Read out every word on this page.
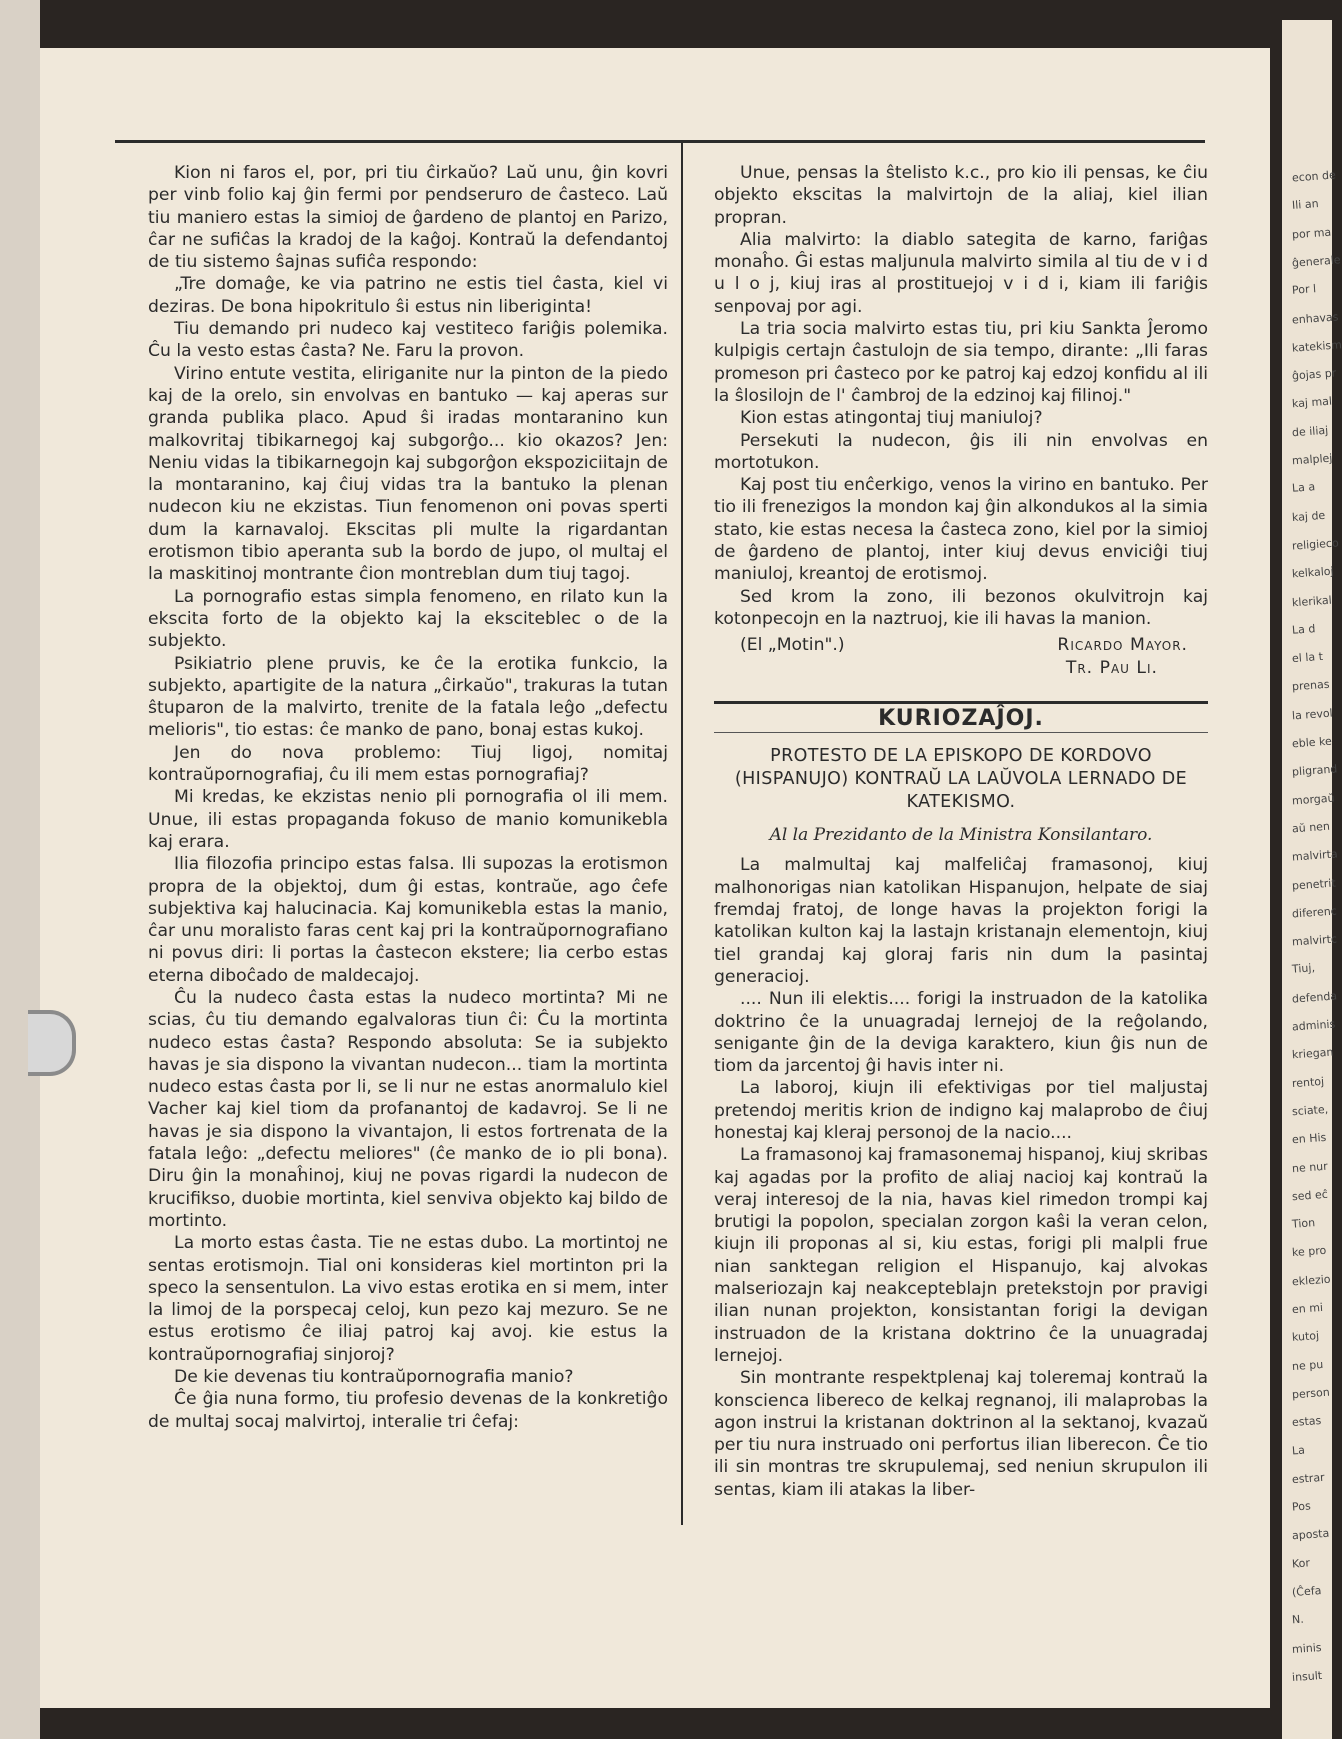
econ de
Ili an
por ma
ĝenerale
Por l
enhavas
katekism
ĝojas pr
kaj mal
de iliaj
malplej
La a
kaj de
religieco
kelkaloj
klerikal
La d
el la t
prenas
la revol
eble ke
pligrand
morgaŭ
aŭ nen
malvirta
penetrit
diferenc
malvirtc
Tiuj,
defenda
adminis
kriegan
rentoj
sciate,
en His
ne nur
sed eĉ
Tion
ke pro
eklezio
en mi
kutoj
ne pu
person
estas
La
estrar
Pos
aposta
Kor
(Ĉefa
N.
minis
insult

Kion ni faros el, por, pri tiu ĉirkaŭo? Laŭ unu, ĝin kovri per vinb folio kaj ĝin fermi por pendseruro de ĉasteco. Laŭ tiu maniero estas la simioj de ĝardeno de plantoj en Parizo, ĉar ne sufiĉas la kradoj de la kaĝoj. Kontraŭ la defendantoj de tiu sistemo ŝajnas sufiĉa respondo:

„Tre domaĝe, ke via patrino ne estis tiel ĉasta, kiel vi deziras. De bona hipokritulo ŝi estus nin liberiginta!

Tiu demando pri nudeco kaj vestiteco fariĝis polemika. Ĉu la vesto estas ĉasta? Ne. Faru la provon.

Virino entute vestita, eliriganite nur la pinton de la piedo kaj de la orelo, sin envolvas en bantuko — kaj aperas sur granda publika placo. Apud ŝi iradas montaranino kun malkovritaj tibikarnegoj kaj subgorĝo... kio okazos? Jen: Neniu vidas la tibikarnegojn kaj subgorĝon ekspoziciitajn de la montaranino, kaj ĉiuj vidas tra la bantuko la plenan nudecon kiu ne ekzistas. Tiun fenomenon oni povas sperti dum la karnavaloj. Ekscitas pli multe la rigardantan erotismon tibio aperanta sub la bordo de jupo, ol multaj el la maskitinoj montrante ĉion montreblan dum tiuj tagoj.

La pornografio estas simpla fenomeno, en rilato kun la ekscita forto de la objekto kaj la eksciteblec o de la subjekto.

Psikiatrio plene pruvis, ke ĉe la erotika funkcio, la subjekto, apartigite de la natura „ĉirkaŭo", trakuras la tutan ŝtuparon de la malvirto, trenite de la fatala leĝo „defectu melioris", tio estas: ĉe manko de pano, bonaj estas kukoj.

Jen do nova problemo: Tiuj ligoj, nomitaj kontraŭpornografiaj, ĉu ili mem estas pornografiaj?

Mi kredas, ke ekzistas nenio pli pornografia ol ili mem. Unue, ili estas propaganda fokuso de manio komunikebla kaj erara.

Ilia filozofia principo estas falsa. Ili supozas la erotismon propra de la objektoj, dum ĝi estas, kontraŭe, ago ĉefe subjektiva kaj halucinacia. Kaj komunikebla estas la manio, ĉar unu moralisto faras cent kaj pri la kontraŭpornografiano ni povus diri: li portas la ĉastecon ekstere; lia cerbo estas eterna diboĉado de maldecajoj.

Ĉu la nudeco ĉasta estas la nudeco mortinta? Mi ne scias, ĉu tiu demando egalvaloras tiun ĉi: Ĉu la mortinta nudeco estas ĉasta? Respondo absoluta: Se ia subjekto havas je sia dispono la vivantan nudecon... tiam la mortinta nudeco estas ĉasta por li, se li nur ne estas anormalulo kiel Vacher kaj kiel tiom da profanantoj de kadavroj. Se li ne havas je sia dispono la vivantajon, li estos fortrenata de la fatala leĝo: „defectu meliores" (ĉe manko de io pli bona). Diru ĝin la monaĥinoj, kiuj ne povas rigardi la nudecon de krucifikso, duobie mortinta, kiel senviva objekto kaj bildo de mortinto.

La morto estas ĉasta. Tie ne estas dubo. La mortintoj ne sentas erotismojn. Tial oni konsideras kiel mortinton pri la speco la sensentulon. La vivo estas erotika en si mem, inter la limoj de la porspecaj celoj, kun pezo kaj mezuro. Se ne estus erotismo ĉe iliaj patroj kaj avoj. kie estus la kontraŭpornografiaj sinjoroj?

De kie devenas tiu kontraŭpornografia manio?

Ĉe ĝia nuna formo, tiu profesio devenas de la konkretiĝo de multaj socaj malvirtoj, interalie tri ĉefaj:

Unue, pensas la ŝtelisto k.c., pro kio ili pensas, ke ĉiu objekto ekscitas la malvirtojn de la aliaj, kiel ilian propran.

Alia malvirto: la diablo sategita de karno, fariĝas monaĥo. Ĝi estas maljunula malvirto simila al tiu de v i d u l o j, kiuj iras al prostituejoj v i d i, kiam ili fariĝis senpovaj por agi.

La tria socia malvirto estas tiu, pri kiu Sankta Ĵeromo kulpigis certajn ĉastulojn de sia tempo, dirante: „Ili faras promeson pri ĉasteco por ke patroj kaj edzoj konfidu al ili la ŝlosilojn de l' ĉambroj de la edzinoj kaj filinoj."

Kion estas atingontaj tiuj maniuloj?

Persekuti la nudecon, ĝis ili nin envolvas en mortotukon.

Kaj post tiu enĉerkigo, venos la virino en bantuko. Per tio ili frenezigos la mondon kaj ĝin alkondukos al la simia stato, kie estas necesa la ĉasteca zono, kiel por la simioj de ĝardeno de plantoj, inter kiuj devus enviciĝi tiuj maniuloj, kreantoj de erotismoj.

Sed krom la zono, ili bezonos okulvitrojn kaj kotonpecojn en la naztruoj, kie ili havas la manion.

(El „Motin".)	Ricardo Mayor.
Tr. Pau Li.
KURIOZAĴOJ.
PROTESTO DE LA EPISKOPO DE KORDOVO (HISPANUJO) KONTRAŬ LA LAŬVOLA LERNADO DE KATEKISMO.
Al la Prezidanto de la Ministra Konsilantaro.

La malmultaj kaj malfeliĉaj framasonoj, kiuj malhonorigas nian katolikan Hispanujon, helpate de siaj fremdaj fratoj, de longe havas la projekton forigi la katolikan kulton kaj la lastajn kristanajn elementojn, kiuj tiel grandaj kaj gloraj faris nin dum la pasintaj generacioj.

.... Nun ili elektis.... forigi la instruadon de la katolika doktrino ĉe la unuagradaj lernejoj de la reĝolando, senigante ĝin de la deviga karaktero, kiun ĝis nun de tiom da jarcentoj ĝi havis inter ni.

La laboroj, kiujn ili efektivigas por tiel maljustaj pretendoj meritis krion de indigno kaj malaprobo de ĉiuj honestaj kaj kleraj personoj de la nacio....

La framasonoj kaj framasonemaj hispanoj, kiuj skribas kaj agadas por la profito de aliaj nacioj kaj kontraŭ la veraj interesoj de la nia, havas kiel rimedon trompi kaj brutigi la popolon, specialan zorgon kaŝi la veran celon, kiujn ili proponas al si, kiu estas, forigi pli malpli frue nian sanktegan religion el Hispanujo, kaj alvokas malseriozajn kaj neakcepteblajn pretekstojn por pravigi ilian nunan projekton, konsistantan forigi la devigan instruadon de la kristana doktrino ĉe la unuagradaj lernejoj.

Sin montrante respektplenaj kaj toleremaj kontraŭ la konscienca libereco de kelkaj regnanoj, ili malaprobas la agon instrui la kristanan doktrinon al la sektanoj, kvazaŭ per tiu nura instruado oni perfortus ilian liberecon. Ĉe tio ili sin montras tre skrupulemaj, sed neniun skrupulon ili sentas, kiam ili atakas la liber-
